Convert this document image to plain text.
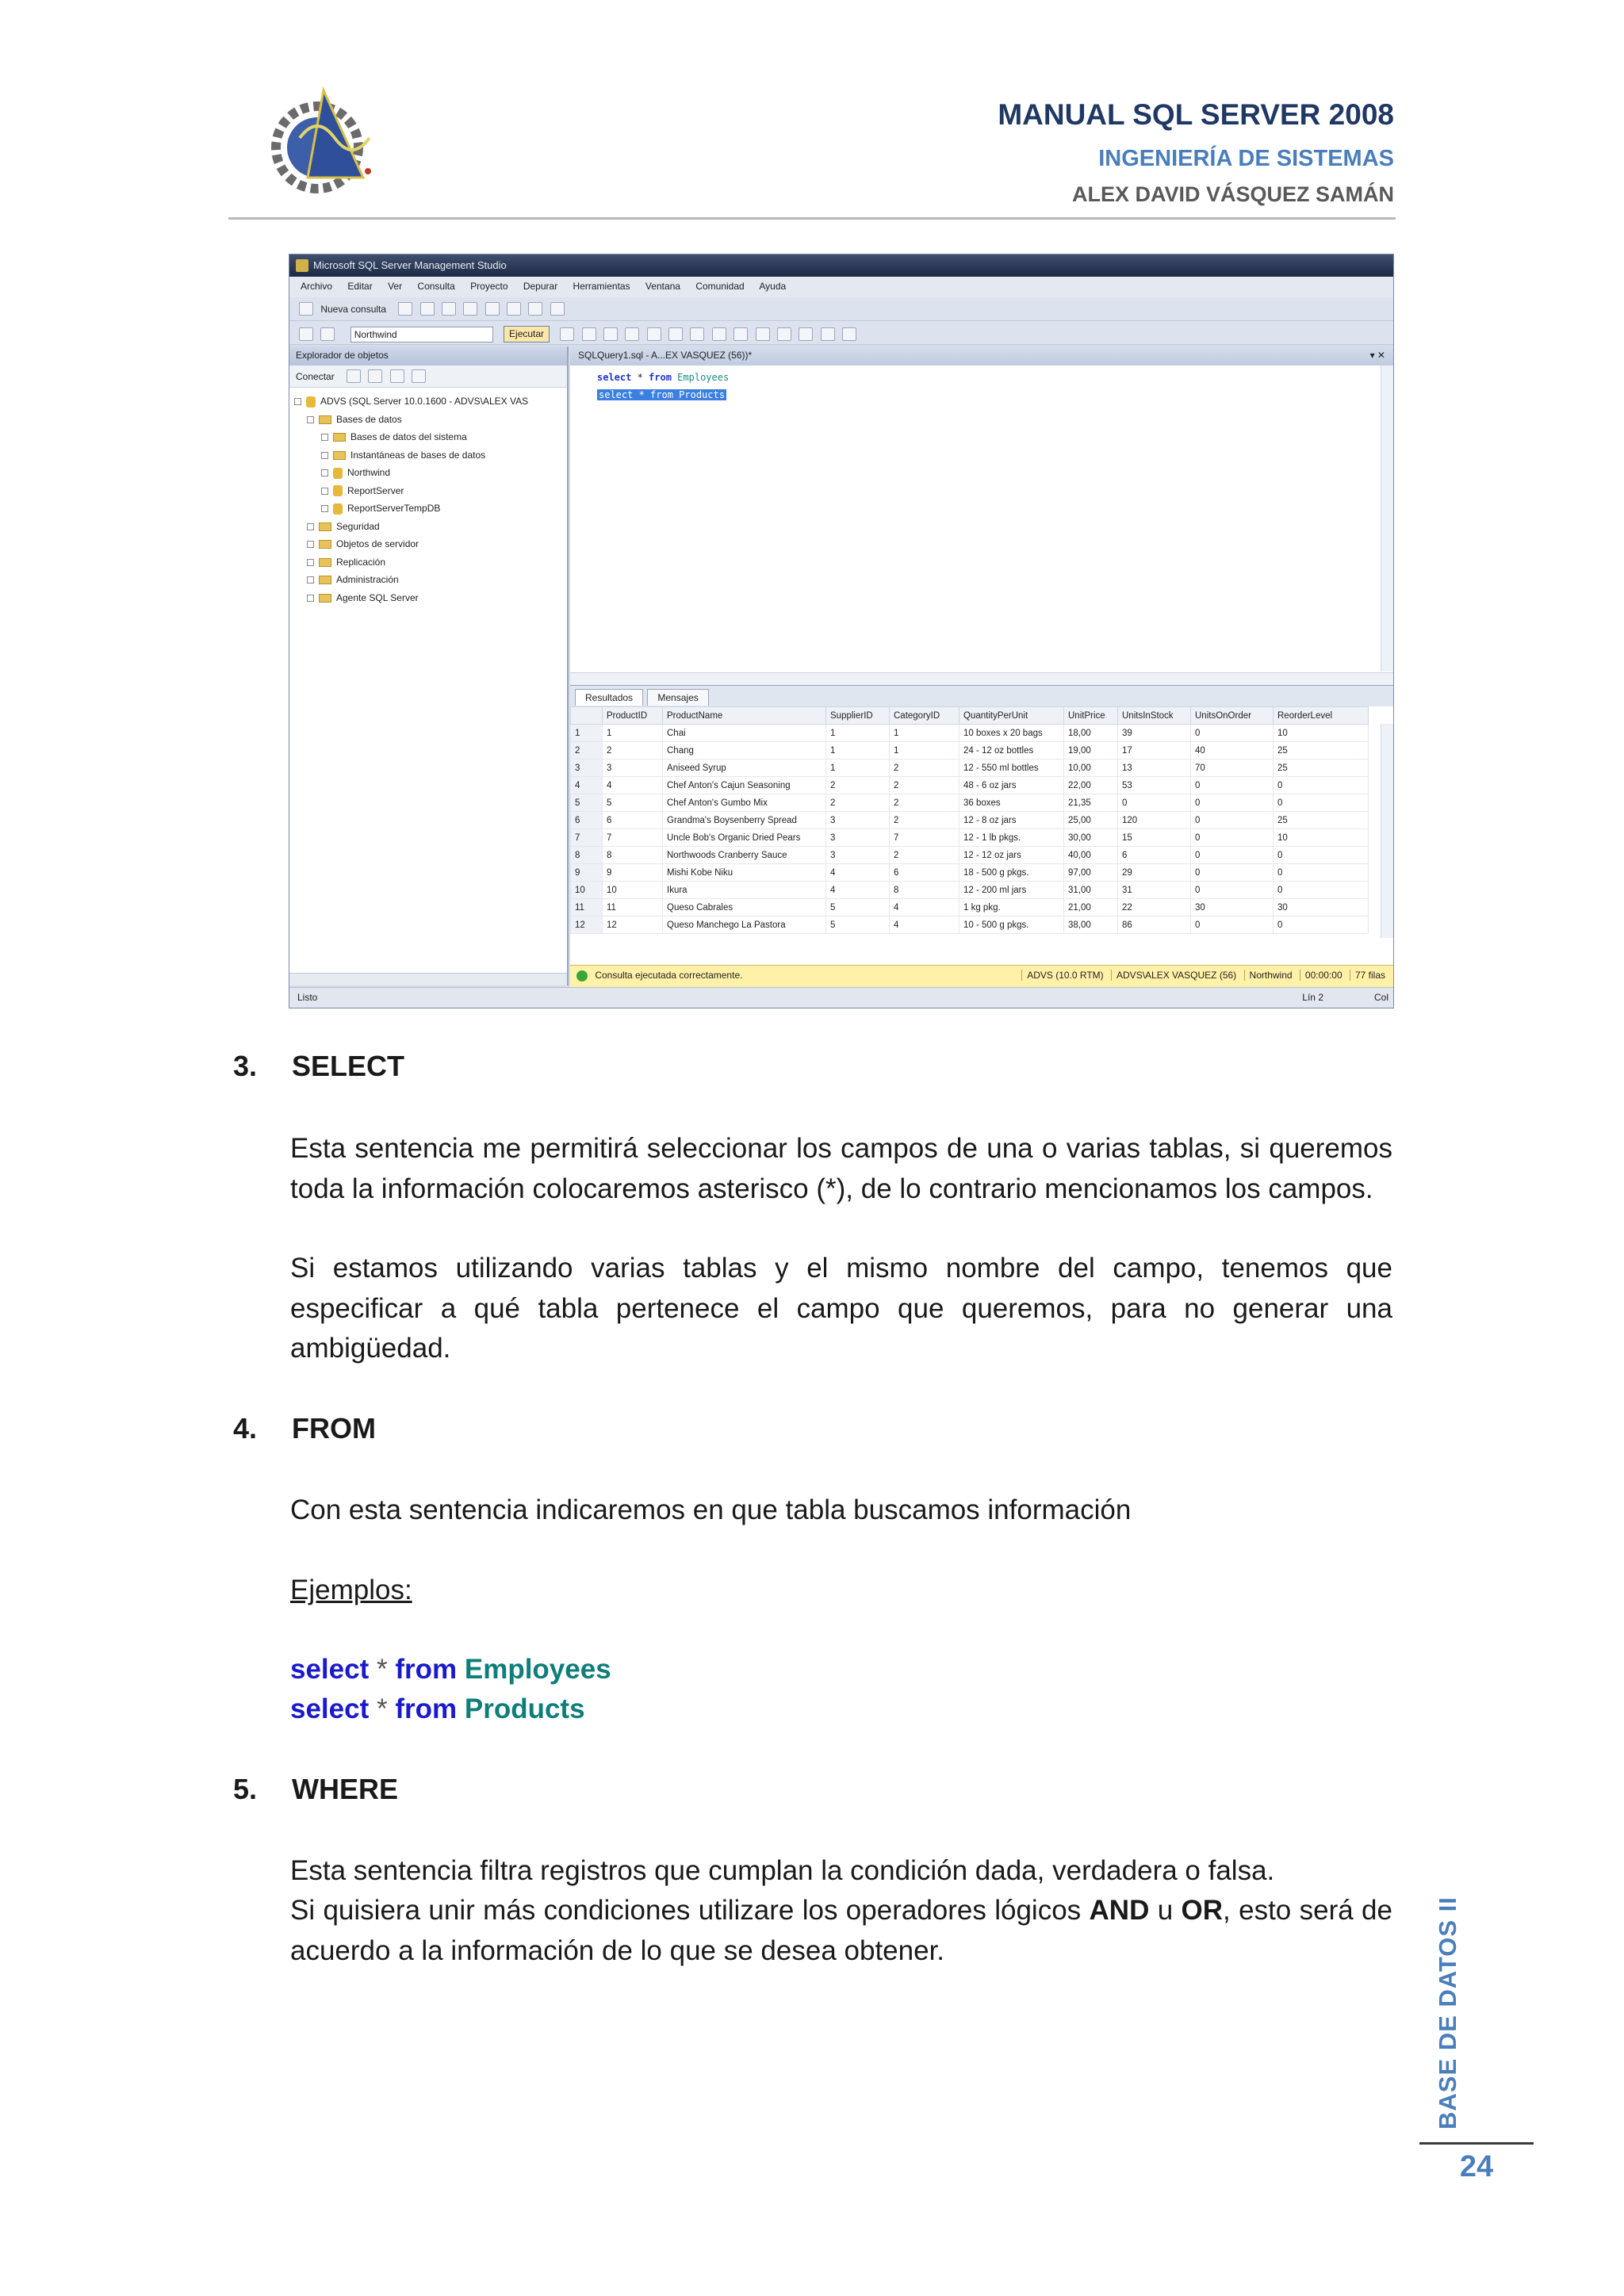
MANUAL SQL SERVER 2008
INGENIERÍA DE SISTEMAS
ALEX DAVID VÁSQUEZ SAMÁN
Microsoft SQL Server Management Studio
Archivo Editar Ver Consulta Proyecto Depurar Herramientas Ventana Comunidad Ayuda
Nueva consulta
Northwind	Ejecutar
Explorador de objetos
Conectar
ADVS (SQL Server 10.0.1600 - ADVS\ALEX VAS
Bases de datos
Bases de datos del sistema
Instantáneas de bases de datos
Northwind
ReportServer
ReportServerTempDB
Seguridad
Objetos de servidor
Replicación
Administración
Agente SQL Server
SQLQuery1.sql - A...EX VASQUEZ (56))*	▾ ✕
select * from Employees
select * from Products
Resultados	Mensajes
	ProductID	ProductName	SupplierID	CategoryID	QuantityPerUnit	UnitPrice	UnitsInStock	UnitsOnOrder	ReorderLevel
1	1	Chai	1	1	10 boxes x 20 bags	18,00	39	0	10
2	2	Chang	1	1	24 - 12 oz bottles	19,00	17	40	25
3	3	Aniseed Syrup	1	2	12 - 550 ml bottles	10,00	13	70	25
4	4	Chef Anton's Cajun Seasoning	2	2	48 - 6 oz jars	22,00	53	0	0
5	5	Chef Anton's Gumbo Mix	2	2	36 boxes	21,35	0	0	0
6	6	Grandma's Boysenberry Spread	3	2	12 - 8 oz jars	25,00	120	0	25
7	7	Uncle Bob's Organic Dried Pears	3	7	12 - 1 lb pkgs.	30,00	15	0	10
8	8	Northwoods Cranberry Sauce	3	2	12 - 12 oz jars	40,00	6	0	0
9	9	Mishi Kobe Niku	4	6	18 - 500 g pkgs.	97,00	29	0	0
10	10	Ikura	4	8	12 - 200 ml jars	31,00	31	0	0
11	11	Queso Cabrales	5	4	1 kg pkg.	21,00	22	30	30
12	12	Queso Manchego La Pastora	5	4	10 - 500 g pkgs.	38,00	86	0	0
Consulta ejecutada correctamente.	ADVS (10.0 RTM) ADVS\ALEX VASQUEZ (56) Northwind 00:00:00 77 filas
Listo	Lín 2	Col
3. SELECT
Esta sentencia me permitirá seleccionar los campos de una o varias tablas, si queremos toda la información colocaremos asterisco (*), de lo contrario mencionamos los campos.
Si estamos utilizando varias tablas y el mismo nombre del campo, tenemos que especificar a qué tabla pertenece el campo que queremos, para no generar una ambigüedad.
4. FROM
Con esta sentencia indicaremos en que tabla buscamos información
Ejemplos:
select * from Employees
select * from Products
5. WHERE
Esta sentencia filtra registros que cumplan la condición dada, verdadera o falsa.
Si quisiera unir más condiciones utilizare los operadores lógicos AND u OR, esto será de acuerdo a la información de lo que se desea obtener.	BASE DE DATOS II
24
